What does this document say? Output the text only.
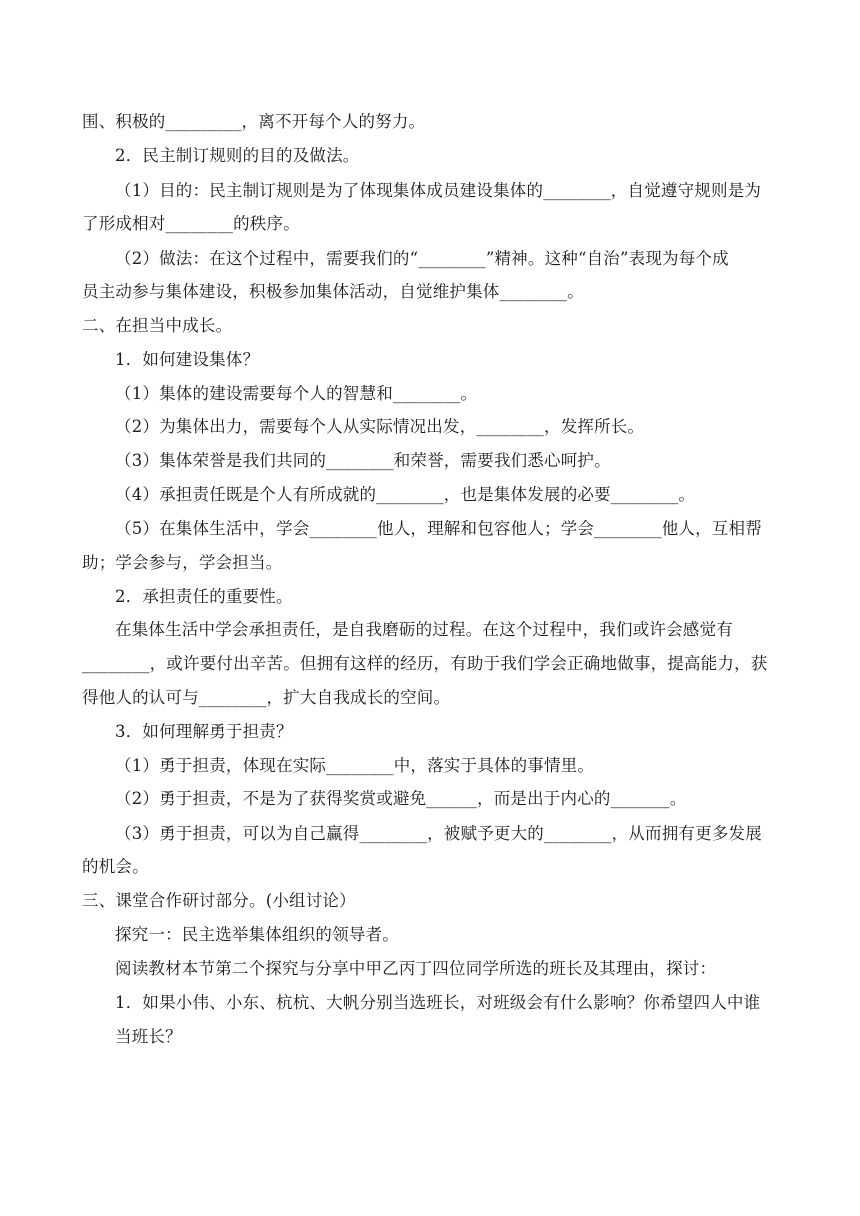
围、积极的_________，离不开每个人的努力。
2．民主制订规则的目的及做法。
（1）目的：民主制订规则是为了体现集体成员建设集体的________，自觉遵守规则是为
了形成相对________的秩序。
（2）做法：在这个过程中，需要我们的“________”精神。这种“自治”表现为每个成
员主动参与集体建设，积极参加集体活动，自觉维护集体________。
二、在担当中成长。
1．如何建设集体？
（1）集体的建设需要每个人的智慧和________。
（2）为集体出力，需要每个人从实际情况出发，________，发挥所长。
（3）集体荣誉是我们共同的________和荣誉，需要我们悉心呵护。
（4）承担责任既是个人有所成就的________，也是集体发展的必要________。
（5）在集体生活中，学会________他人，理解和包容他人；学会________他人，互相帮
助；学会参与，学会担当。
2．承担责任的重要性。
在集体生活中学会承担责任，是自我磨砺的过程。在这个过程中，我们或许会感觉有
________，或许要付出辛苦。但拥有这样的经历，有助于我们学会正确地做事，提高能力，获
得他人的认可与________，扩大自我成长的空间。
3．如何理解勇于担责？
（1）勇于担责，体现在实际________中，落实于具体的事情里。
（2）勇于担责，不是为了获得奖赏或避免______，而是出于内心的_______。
（3）勇于担责，可以为自己赢得________，被赋予更大的________，从而拥有更多发展
的机会。
三、课堂合作研讨部分。(小组讨论）
探究一：民主选举集体组织的领导者。
阅读教材本节第二个探究与分享中甲乙丙丁四位同学所选的班长及其理由，探讨：
1．如果小伟、小东、杭杭、大帆分别当选班长，对班级会有什么影响？你希望四人中谁
当班长？
